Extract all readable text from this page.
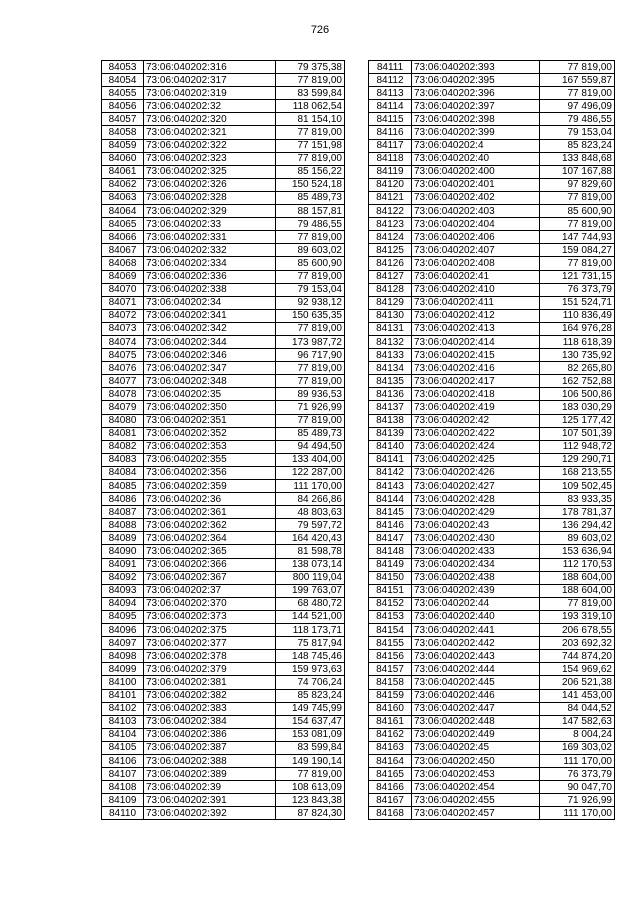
726
84053	73:06:040202:316	79 375,38
84054	73:06:040202:317	77 819,00
84055	73:06:040202:319	83 599,84
84056	73:06:040202:32	118 062,54
84057	73:06:040202:320	81 154,10
84058	73:06:040202:321	77 819,00
84059	73:06:040202:322	77 151,98
84060	73:06:040202:323	77 819,00
84061	73:06:040202:325	85 156,22
84062	73:06:040202:326	150 524,18
84063	73:06:040202:328	85 489,73
84064	73:06:040202:329	88 157,81
84065	73:06:040202:33	79 486,55
84066	73:06:040202:331	77 819,00
84067	73:06:040202:332	89 603,02
84068	73:06:040202:334	85 600,90
84069	73:06:040202:336	77 819,00
84070	73:06:040202:338	79 153,04
84071	73:06:040202:34	92 938,12
84072	73:06:040202:341	150 635,35
84073	73:06:040202:342	77 819,00
84074	73:06:040202:344	173 987,72
84075	73:06:040202:346	96 717,90
84076	73:06:040202:347	77 819,00
84077	73:06:040202:348	77 819,00
84078	73:06:040202:35	89 936,53
84079	73:06:040202:350	71 926,99
84080	73:06:040202:351	77 819,00
84081	73:06:040202:352	85 489,73
84082	73:06:040202:353	94 494,50
84083	73:06:040202:355	133 404,00
84084	73:06:040202:356	122 287,00
84085	73:06:040202:359	111 170,00
84086	73:06:040202:36	84 266,86
84087	73:06:040202:361	48 803,63
84088	73:06:040202:362	79 597,72
84089	73:06:040202:364	164 420,43
84090	73:06:040202:365	81 598,78
84091	73:06:040202:366	138 073,14
84092	73:06:040202:367	800 119,04
84093	73:06:040202:37	199 763,07
84094	73:06:040202:370	68 480,72
84095	73:06:040202:373	144 521,00
84096	73:06:040202:375	118 173,71
84097	73:06:040202:377	75 817,94
84098	73:06:040202:378	148 745,46
84099	73:06:040202:379	159 973,63
84100	73:06:040202:381	74 706,24
84101	73:06:040202:382	85 823,24
84102	73:06:040202:383	149 745,99
84103	73:06:040202:384	154 637,47
84104	73:06:040202:386	153 081,09
84105	73:06:040202:387	83 599,84
84106	73:06:040202:388	149 190,14
84107	73:06:040202:389	77 819,00
84108	73:06:040202:39	108 613,09
84109	73:06:040202:391	123 843,38
84110	73:06:040202:392	87 824,30
84111	73:06:040202:393	77 819,00
84112	73:06:040202:395	167 559,87
84113	73:06:040202:396	77 819,00
84114	73:06:040202:397	97 496,09
84115	73:06:040202:398	79 486,55
84116	73:06:040202:399	79 153,04
84117	73:06:040202:4	85 823,24
84118	73:06:040202:40	133 848,68
84119	73:06:040202:400	107 167,88
84120	73:06:040202:401	97 829,60
84121	73:06:040202:402	77 819,00
84122	73:06:040202:403	85 600,90
84123	73:06:040202:404	77 819,00
84124	73:06:040202:406	147 744,93
84125	73:06:040202:407	159 084,27
84126	73:06:040202:408	77 819,00
84127	73:06:040202:41	121 731,15
84128	73:06:040202:410	76 373,79
84129	73:06:040202:411	151 524,71
84130	73:06:040202:412	110 836,49
84131	73:06:040202:413	164 976,28
84132	73:06:040202:414	118 618,39
84133	73:06:040202:415	130 735,92
84134	73:06:040202:416	82 265,80
84135	73:06:040202:417	162 752,88
84136	73:06:040202:418	106 500,86
84137	73:06:040202:419	183 030,29
84138	73:06:040202:42	125 177,42
84139	73:06:040202:422	107 501,39
84140	73:06:040202:424	112 948,72
84141	73:06:040202:425	129 290,71
84142	73:06:040202:426	168 213,55
84143	73:06:040202:427	109 502,45
84144	73:06:040202:428	83 933,35
84145	73:06:040202:429	178 781,37
84146	73:06:040202:43	136 294,42
84147	73:06:040202:430	89 603,02
84148	73:06:040202:433	153 636,94
84149	73:06:040202:434	112 170,53
84150	73:06:040202:438	188 604,00
84151	73:06:040202:439	188 604,00
84152	73:06:040202:44	77 819,00
84153	73:06:040202:440	193 319,10
84154	73:06:040202:441	206 678,55
84155	73:06:040202:442	203 692,32
84156	73:06:040202:443	744 874,20
84157	73:06:040202:444	154 969,62
84158	73:06:040202:445	206 521,38
84159	73:06:040202:446	141 453,00
84160	73:06:040202:447	84 044,52
84161	73:06:040202:448	147 582,63
84162	73:06:040202:449	8 004,24
84163	73:06:040202:45	169 303,02
84164	73:06:040202:450	111 170,00
84165	73:06:040202:453	76 373,79
84166	73:06:040202:454	90 047,70
84167	73:06:040202:455	71 926,99
84168	73:06:040202:457	111 170,00
